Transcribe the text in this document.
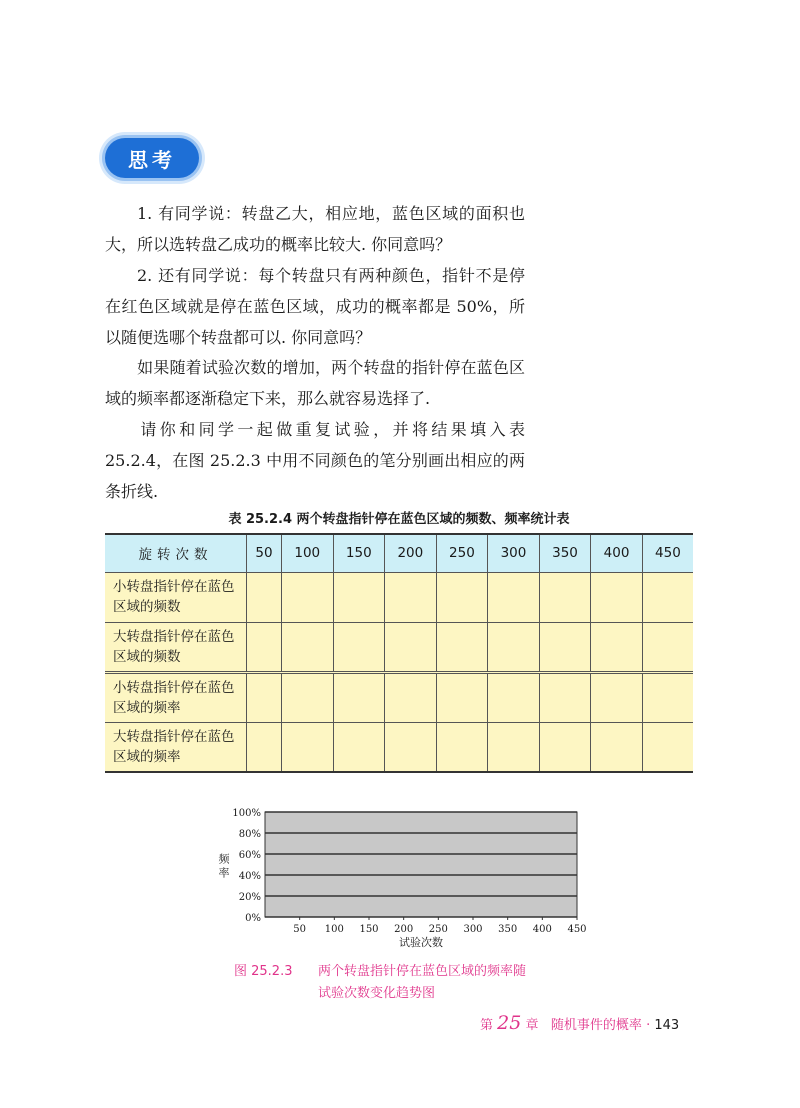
思考

1. 有同学说：转盘乙大，相应地，蓝色区域的面积也大，所以选转盘乙成功的概率比较大. 你同意吗？

2. 还有同学说：每个转盘只有两种颜色，指针不是停在红色区域就是停在蓝色区域，成功的概率都是 50%，所以随便选哪个转盘都可以. 你同意吗？

如果随着试验次数的增加，两个转盘的指针停在蓝色区域的频率都逐渐稳定下来，那么就容易选择了.

请你和同学一起做重复试验，并将结果填入表 25.2.4，在图 25.2.3 中用不同颜色的笔分别画出相应的两条折线.

表 25.2.4 两个转盘指针停在蓝色区域的频数、频率统计表
旋转次数	50	100	150	200	250	300	350	400	450
小转盘指针停在蓝色区域的频数									
大转盘指针停在蓝色区域的频数									
小转盘指针停在蓝色区域的频率									
大转盘指针停在蓝色区域的频率									
0%
20%
40%
60%
80%
100%
50 100 150 200 250 300 350 400 450
试验次数
频
率
图 25.2.3 两个转盘指针停在蓝色区域的频率随
试验次数变化趋势图
第 25 章 随机事件的概率 · 143
